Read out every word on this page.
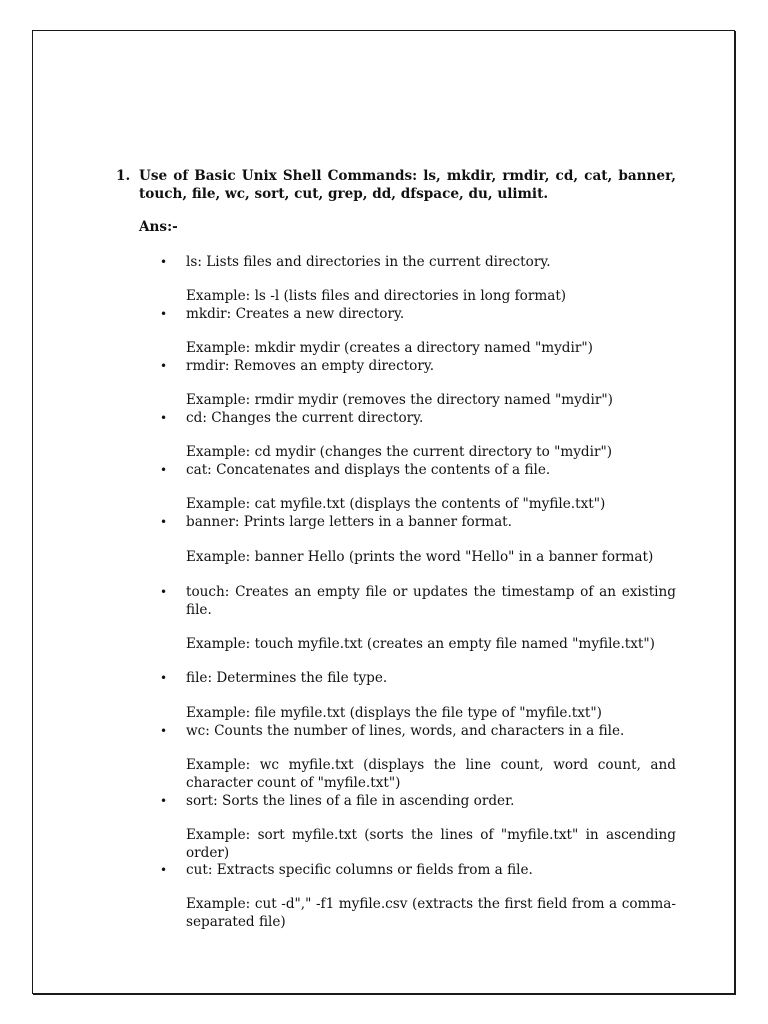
1. Use of Basic Unix Shell Commands: ls, mkdir, rmdir, cd, cat, banner, touch, file, wc, sort, cut, grep, dd, dfspace, du, ulimit.
Ans:-
• ls: Lists files and directories in the current directory.
Example: ls -l (lists files and directories in long format)
• mkdir: Creates a new directory.
Example: mkdir mydir (creates a directory named "mydir")
• rmdir: Removes an empty directory.
Example: rmdir mydir (removes the directory named "mydir")
• cd: Changes the current directory.
Example: cd mydir (changes the current directory to "mydir")
• cat: Concatenates and displays the contents of a file.
Example: cat myfile.txt (displays the contents of "myfile.txt")
• banner: Prints large letters in a banner format.
Example: banner Hello (prints the word "Hello" in a banner format)
• touch: Creates an empty file or updates the timestamp of an existing file.
Example: touch myfile.txt (creates an empty file named "myfile.txt")
• file: Determines the file type.
Example: file myfile.txt (displays the file type of "myfile.txt")
• wc: Counts the number of lines, words, and characters in a file.
Example: wc myfile.txt (displays the line count, word count, and character count of "myfile.txt")
• sort: Sorts the lines of a file in ascending order.
Example: sort myfile.txt (sorts the lines of "myfile.txt" in ascending order)
• cut: Extracts specific columns or fields from a file.
Example: cut -d"," -f1 myfile.csv (extracts the first field from a comma-separated file)
